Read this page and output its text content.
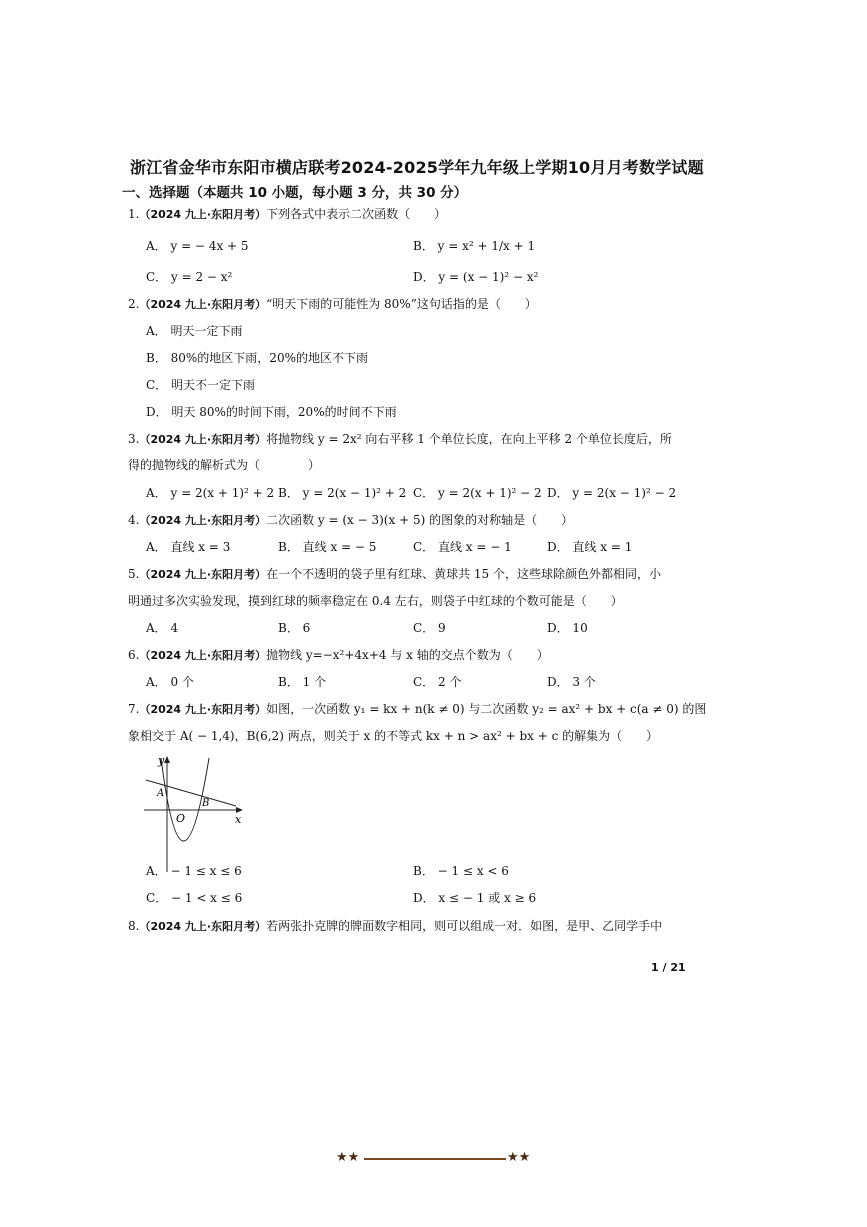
浙江省金华市东阳市横店联考2024-2025学年九年级上学期10月月考数学试题
一、选择题（本题共 10 小题，每小题 3 分，共 30 分）
1.（2024 九上·东阳月考）下列各式中表示二次函数（　　）
A． y = − 4x + 5	B． y = x² + 1/x + 1
C． y = 2 − x²	D． y = (x − 1)² − x²
2.（2024 九上·东阳月考）“明天下雨的可能性为 80%”这句话指的是（　　）
A． 明天一定下雨
B． 80%的地区下雨，20%的地区不下雨
C． 明天不一定下雨
D． 明天 80%的时间下雨，20%的时间不下雨
3.（2024 九上·东阳月考）将抛物线 y = 2x² 向右平移 1 个单位长度，在向上平移 2 个单位长度后，所
得的抛物线的解析式为（　　　　）
A． y = 2(x + 1)² + 2 B． y = 2(x − 1)² + 2 C． y = 2(x + 1)² − 2 D． y = 2(x − 1)² − 2
4.（2024 九上·东阳月考）二次函数 y = (x − 3)(x + 5) 的图象的对称轴是（　　）
A． 直线 x = 3	B． 直线 x = − 5	C． 直线 x = − 1	D． 直线 x = 1
5.（2024 九上·东阳月考）在一个不透明的袋子里有红球、黄球共 15 个，这些球除颜色外都相同，小
明通过多次实验发现，摸到红球的频率稳定在 0.4 左右，则袋子中红球的个数可能是（　　）
A． 4	B． 6	C． 9	D． 10
6.（2024 九上·东阳月考）抛物线 y=−x²+4x+4 与 x 轴的交点个数为（　　）
A． 0 个	B． 1 个	C． 2 个	D． 3 个
7.（2024 九上·东阳月考）如图，一次函数 y₁ = kx + n(k ≠ 0) 与二次函数 y₂ = ax² + bx + c(a ≠ 0) 的图
象相交于 A( − 1,4)，B(6,2) 两点，则关于 x 的不等式 kx + n > ax² + bx + c 的解集为（　　）
y
x
O
A
B
A． − 1 ≤ x ≤ 6	B． − 1 ≤ x < 6
C． − 1 < x ≤ 6	D． x ≤ − 1 或 x ≥ 6
8.（2024 九上·东阳月考）若两张扑克牌的牌面数字相同，则可以组成一对．如图，是甲、乙同学手中
1 / 21
★★	★★
